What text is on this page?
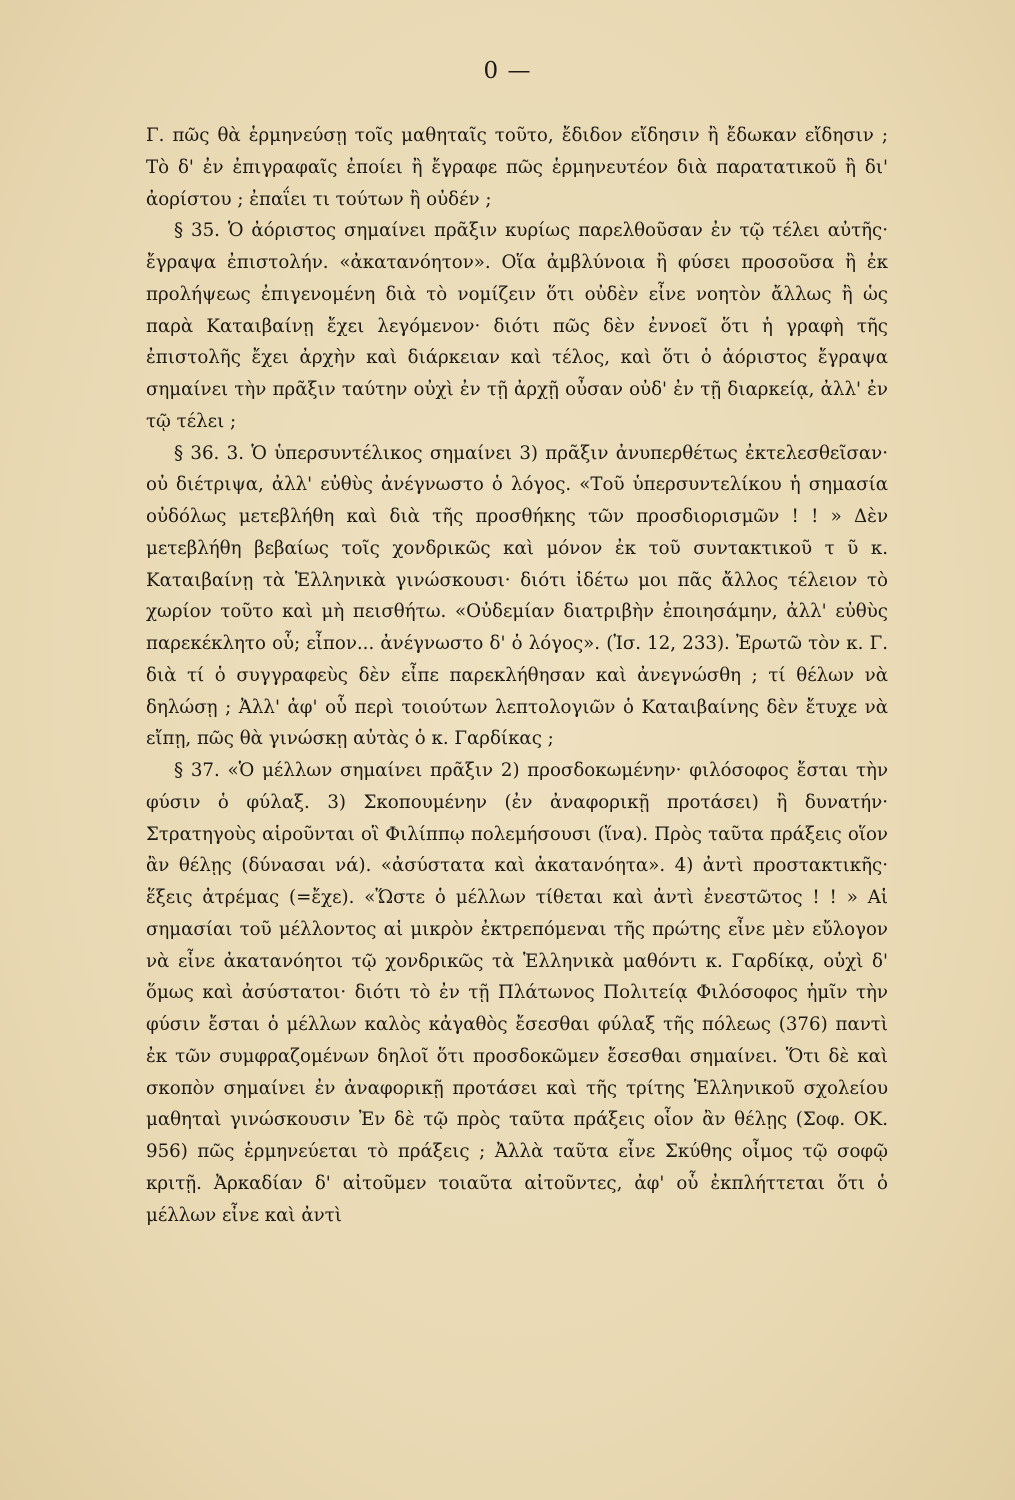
0 —

Γ. πῶς θὰ ἑρμηνεύσῃ τοῖς μαθηταῖς τοῦτο, ἔδιδον εἴδησιν ἢ ἔδωκαν εἴδησιν ; Τὸ δ' ἐν ἐπιγραφαῖς ἐποίει ἢ ἔγραφε πῶς ἑρμηνευτέον διὰ παρατατικοῦ ἢ δι' ἀορίστου ; ἐπαΐει τι τούτων ἢ οὐδέν ;

§ 35. Ὁ ἀόριστος σημαίνει πρᾶξιν κυρίως παρελθοῦσαν ἐν τῷ τέλει αὐτῆς· ἔγραψα ἐπιστολήν. «ἀκατανόητον». Οἵα ἀμβλύνοια ἢ φύσει προσοῦσα ἢ ἐκ προλήψεως ἐπιγενομένη διὰ τὸ νομίζειν ὅτι οὐδὲν εἶνε νοητὸν ἄλλως ἢ ὡς παρὰ Καταιβαίνῃ ἔχει λεγόμενον· διότι πῶς δὲν ἐννοεῖ ὅτι ἡ γραφὴ τῆς ἐπιστολῆς ἔχει ἀρχὴν καὶ διάρκειαν καὶ τέλος, καὶ ὅτι ὁ ἀόριστος ἔγραψα σημαίνει τὴν πρᾶξιν ταύτην οὐχὶ ἐν τῇ ἀρχῇ οὖσαν οὐδ' ἐν τῇ διαρκείᾳ, ἀλλ' ἐν τῷ τέλει ;

§ 36. 3. Ὁ ὑπερσυντέλικος σημαίνει 3) πρᾶξιν ἀνυπερθέτως ἐκτελεσθεῖσαν· οὐ διέτριψα, ἀλλ' εὐθὺς ἀνέγνωστο ὁ λόγος. «Τοῦ ὑπερσυντελίκου ἡ σημασία οὐδόλως μετεβλήθη καὶ διὰ τῆς προσθήκης τῶν προσδιορισμῶν ! ! » Δὲν μετεβλήθη βεβαίως τοῖς χονδρικῶς καὶ μόνον ἐκ τοῦ συντακτικοῦ τ ῦ κ. Καταιβαίνῃ τὰ Ἑλληνικὰ γινώσκουσι· διότι ἰδέτω μοι πᾶς ἄλλος τέλειον τὸ χωρίον τοῦτο καὶ μὴ πεισθήτω. «Οὐδεμίαν διατριβὴν ἐποιησάμην, ἀλλ' εὐθὺς παρεκέκλητο οὗ; εἶπον... ἀνέγνωστο δ' ὁ λόγος». (Ἰσ. 12, 233). Ἐρωτῶ τὸν κ. Γ. διὰ τί ὁ συγγραφεὺς δὲν εἶπε παρεκλήθησαν καὶ ἀνεγνώσθη ; τί θέλων νὰ δηλώσῃ ; Ἀλλ' ἀφ' οὗ περὶ τοιούτων λεπτολογιῶν ὁ Καταιβαίνης δὲν ἔτυχε νὰ εἴπῃ, πῶς θὰ γινώσκῃ αὐτὰς ὁ κ. Γαρδίκας ;

§ 37. «Ὁ μέλλων σημαίνει πρᾶξιν 2) προσδοκωμένην· φιλόσοφος ἔσται τὴν φύσιν ὁ φύλαξ. 3) Σκοπουμένην (ἐν ἀναφορικῇ προτάσει) ἢ δυνατήν· Στρατηγοὺς αἱροῦνται οἳ Φιλίππῳ πολεμήσουσι (ἵνα). Πρὸς ταῦτα πράξεις οἵον ἂν θέλῃς (δύνασαι νά). «ἀσύστατα καὶ ἀκατανόητα». 4) ἀντὶ προστακτικῆς· ἕξεις ἀτρέμας (=ἔχε). «Ὥστε ὁ μέλλων τίθεται καὶ ἀντὶ ἐνεστῶτος ! ! » Αἱ σημασίαι τοῦ μέλλοντος αἱ μικρὸν ἐκτρεπόμεναι τῆς πρώτης εἶνε μὲν εὔλογον νὰ εἶνε ἀκατανόητοι τῷ χονδρικῶς τὰ Ἑλληνικὰ μαθόντι κ. Γαρδίκᾳ, οὐχὶ δ' ὅμως καὶ ἀσύστατοι· διότι τὸ ἐν τῇ Πλάτωνος Πολιτείᾳ Φιλόσοφος ἡμῖν τὴν φύσιν ἔσται ὁ μέλλων καλὸς κἀγαθὸς ἔσεσθαι φύλαξ τῆς πόλεως (376) παντὶ ἐκ τῶν συμφραζομένων δηλοῖ ὅτι προσδοκῶμεν ἔσεσθαι σημαίνει. Ὅτι δὲ καὶ σκοπὸν σημαίνει ἐν ἀναφορικῇ προτάσει καὶ τῆς τρίτης Ἑλληνικοῦ σχολείου μαθηταὶ γινώσκουσιν Ἐν δὲ τῷ πρὸς ταῦτα πράξεις οἷον ἂν θέλῃς (Σοφ. ΟΚ. 956) πῶς ἑρμηνεύεται τὸ πράξεις ; Ἀλλὰ ταῦτα εἶνε Σκύθης οἶμος τῷ σοφῷ κριτῇ. Ἀρκαδίαν δ' αἰτοῦμεν τοιαῦτα αἰτοῦντες, ἀφ' οὗ ἐκπλήττεται ὅτι ὁ μέλλων εἶνε καὶ ἀντὶ
